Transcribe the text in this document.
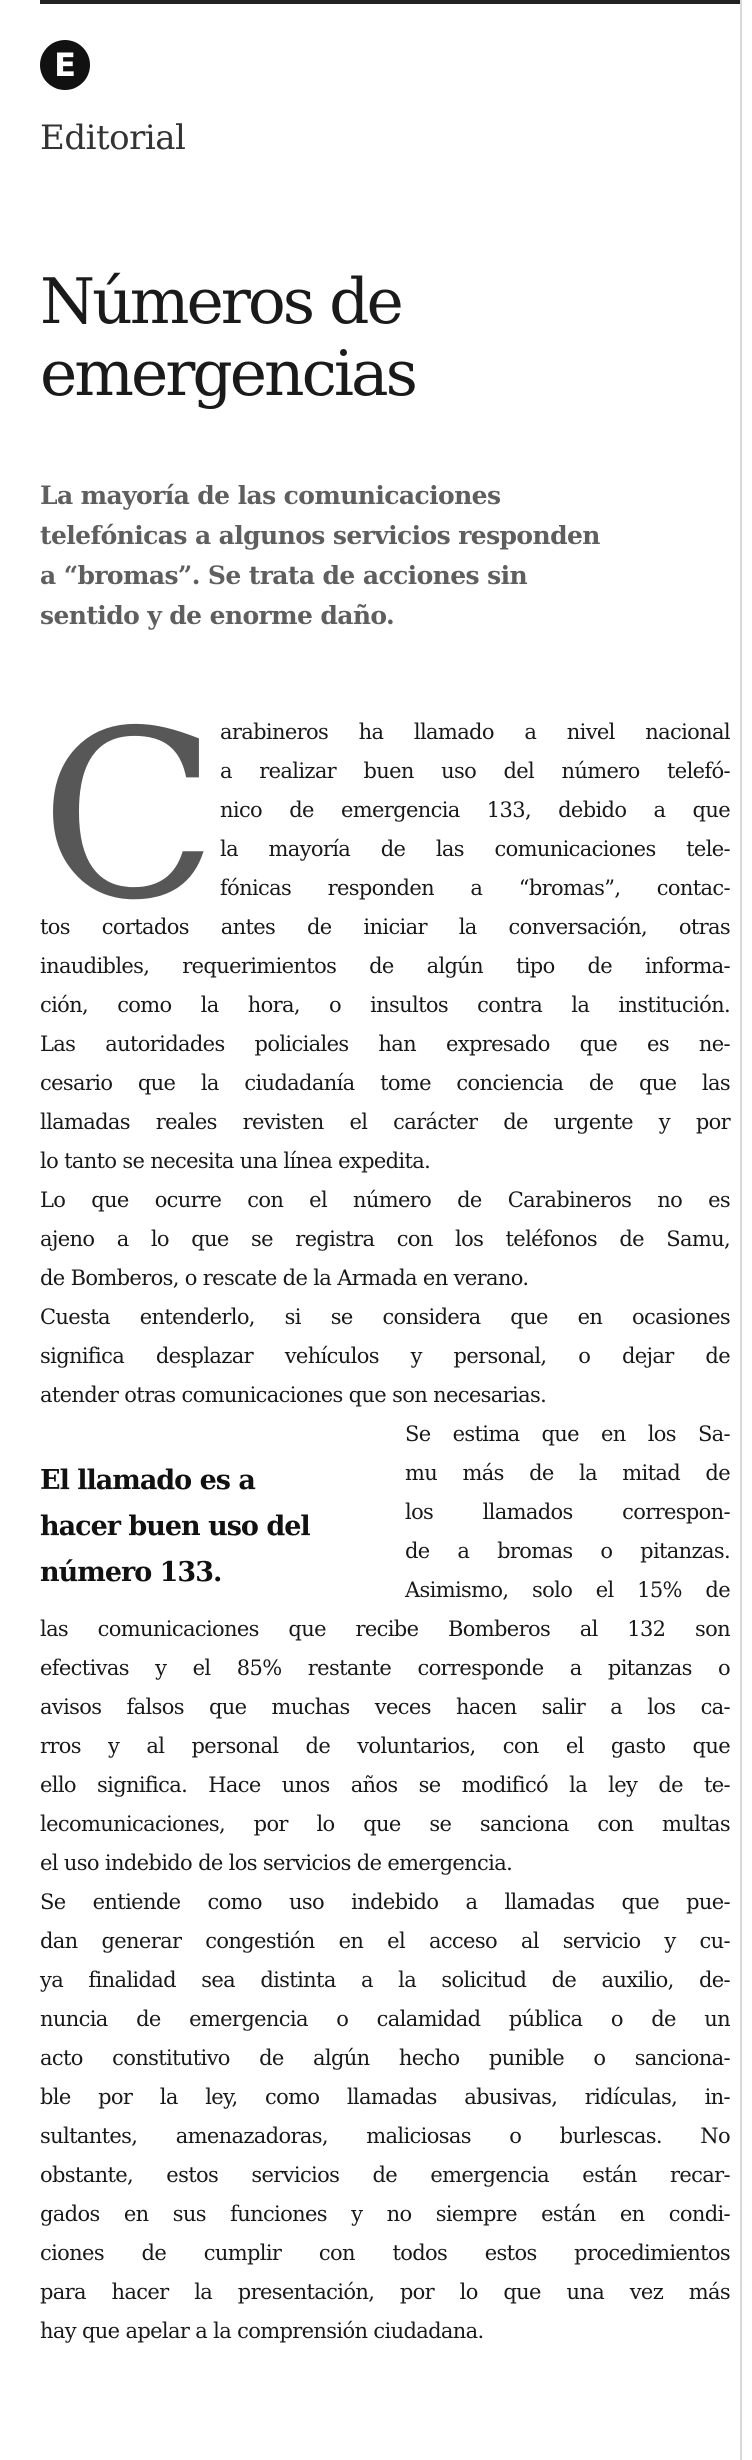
E
Editorial
Números de
emergencias
La mayoría de las comunicaciones
telefónicas a algunos servicios responden
a “bromas”. Se trata de acciones sin
sentido y de enorme daño.
C
El llamado es a
hacer buen uso del
número 133.
arabineros ha llamado a nivel nacional
a realizar buen uso del número telefó-
nico de emergencia 133, debido a que
la mayoría de las comunicaciones tele-
fónicas responden a “bromas”, contac-
tos cortados antes de iniciar la conversación, otras
inaudibles, requerimientos de algún tipo de informa-
ción, como la hora, o insultos contra la institución.
Las autoridades policiales han expresado que es ne-
cesario que la ciudadanía tome conciencia de que las
llamadas reales revisten el carácter de urgente y por
lo tanto se necesita una línea expedita.
Lo que ocurre con el número de Carabineros no es
ajeno a lo que se registra con los teléfonos de Samu,
de Bomberos, o rescate de la Armada en verano.
Cuesta entenderlo, si se considera que en ocasiones
significa desplazar vehículos y personal, o dejar de
atender otras comunicaciones que son necesarias.
Se estima que en los Sa-
mu más de la mitad de
los llamados correspon-
de a bromas o pitanzas.
Asimismo, solo el 15% de
las comunicaciones que recibe Bomberos al 132 son
efectivas y el 85% restante corresponde a pitanzas o
avisos falsos que muchas veces hacen salir a los ca-
rros y al personal de voluntarios, con el gasto que
ello significa. Hace unos años se modificó la ley de te-
lecomunicaciones, por lo que se sanciona con multas
el uso indebido de los servicios de emergencia.
Se entiende como uso indebido a llamadas que pue-
dan generar congestión en el acceso al servicio y cu-
ya finalidad sea distinta a la solicitud de auxilio, de-
nuncia de emergencia o calamidad pública o de un
acto constitutivo de algún hecho punible o sanciona-
ble por la ley, como llamadas abusivas, ridículas, in-
sultantes, amenazadoras, maliciosas o burlescas. No
obstante, estos servicios de emergencia están recar-
gados en sus funciones y no siempre están en condi-
ciones de cumplir con todos estos procedimientos
para hacer la presentación, por lo que una vez más
hay que apelar a la comprensión ciudadana.
